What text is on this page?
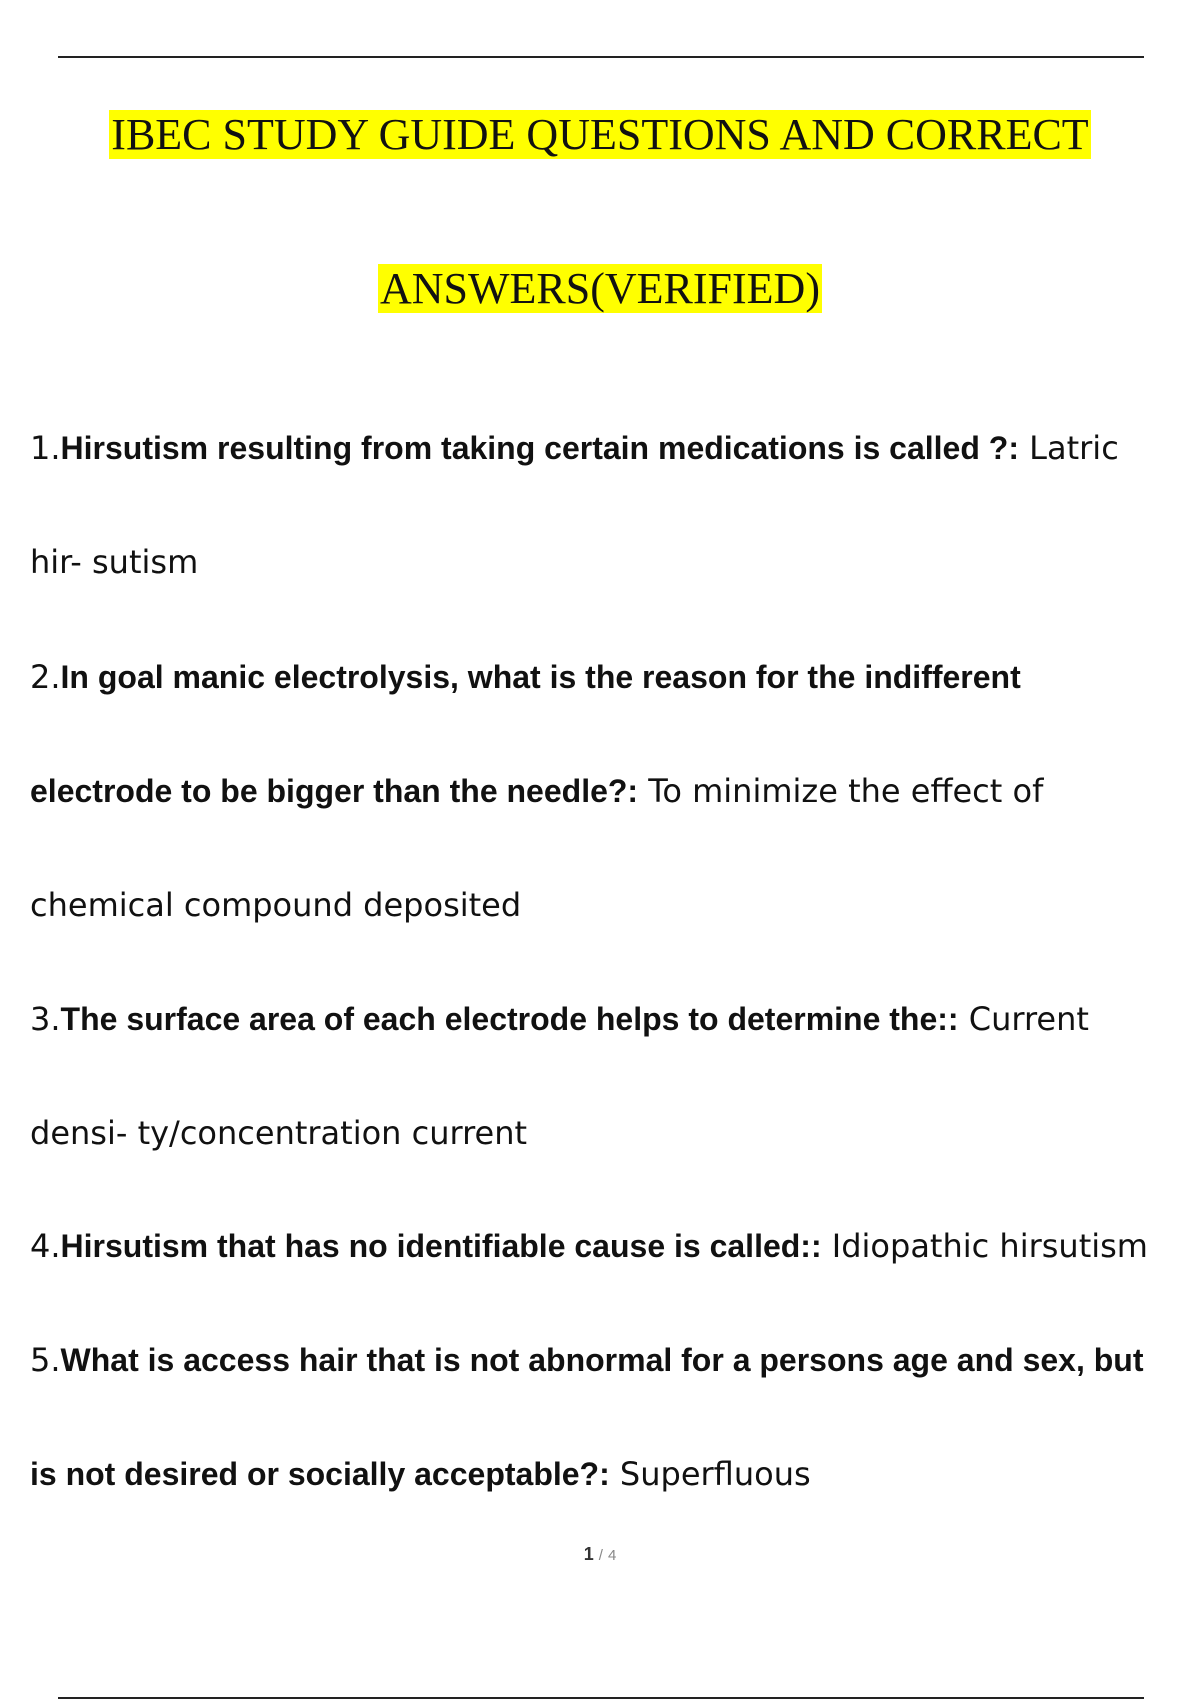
IBEC STUDY GUIDE QUESTIONS AND CORRECT
ANSWERS(VERIFIED)
1.Hirsutism resulting from taking certain medications is called ?: Latric
hir- sutism
2.In goal manic electrolysis, what is the reason for the indifferent
electrode to be bigger than the needle?: To minimize the effect of
chemical compound deposited
3.The surface area of each electrode helps to determine the:: Current
densi- ty/concentration current
4.Hirsutism that has no identifiable cause is called:: Idiopathic hirsutism
5.What is access hair that is not abnormal for a persons age and sex, but
is not desired or socially acceptable?: Superfluous
1 / 4
